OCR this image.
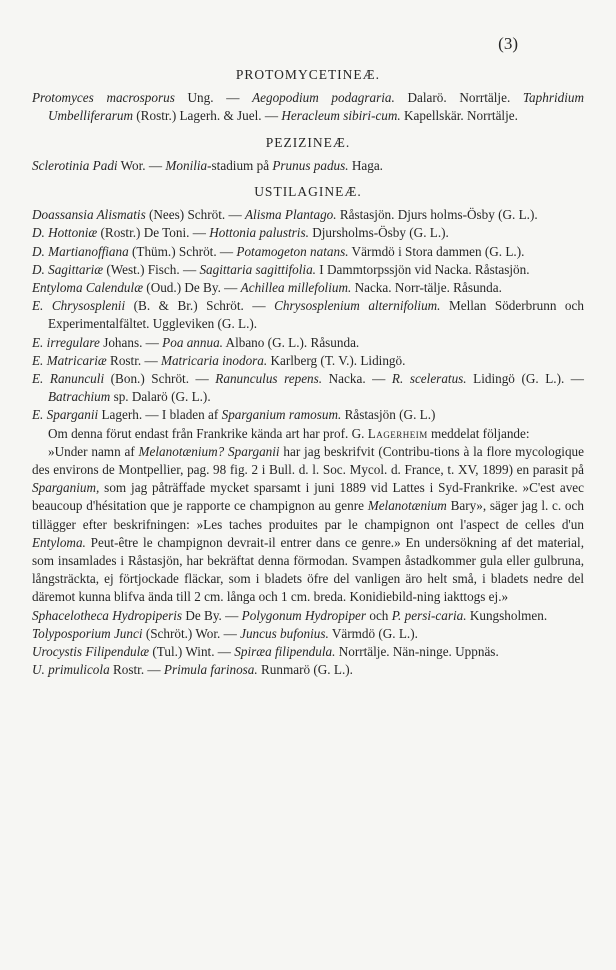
(3)
PROTOMYCETINEÆ.

Protomyces macrosporus Ung. — Aegopodium podagraria. Dalarö. Norrtälje. Taphridium Umbelliferarum (Rostr.) Lagerh. & Juel. — Heracleum sibiri-cum. Kapellskär. Norrtälje.

PEZIZINEÆ.

Sclerotinia Padi Wor. — Monilia-stadium på Prunus padus. Haga.

USTILAGINEÆ.

Doassansia Alismatis (Nees) Schröt. — Alisma Plantago. Råstasjön. Djurs holms-Ösby (G. L.).

D. Hottoniæ (Rostr.) De Toni. — Hottonia palustris. Djursholms-Ösby (G. L.).

D. Martianoffiana (Thüm.) Schröt. — Potamogeton natans. Värmdö i Stora dammen (G. L.).

D. Sagittariæ (West.) Fisch. — Sagittaria sagittifolia. I Dammtorpssjön vid Nacka. Råstasjön.

Entyloma Calendulæ (Oud.) De By. — Achillea millefolium. Nacka. Norr-tälje. Råsunda.

E. Chrysosplenii (B. & Br.) Schröt. — Chrysosplenium alternifolium. Mellan Söderbrunn och Experimentalfältet. Uggleviken (G. L.).

E. irregulare Johans. — Poa annua. Albano (G. L.). Råsunda.

E. Matricariæ Rostr. — Matricaria inodora. Karlberg (T. V.). Lidingö.

E. Ranunculi (Bon.) Schröt. — Ranunculus repens. Nacka. — R. sceleratus. Lidingö (G. L.). — Batrachium sp. Dalarö (G. L.).

E. Sparganii Lagerh. — I bladen af Sparganium ramosum. Råstasjön (G. L.)

Om denna förut endast från Frankrike kända art har prof. G. Lagerheim meddelat följande:

»Under namn af Melanotænium? Sparganii har jag beskrifvit (Contribu-tions à la flore mycologique des environs de Montpellier, pag. 98 fig. 2 i Bull. d. l. Soc. Mycol. d. France, t. XV, 1899) en parasit på Sparganium, som jag påträffade mycket sparsamt i juni 1889 vid Lattes i Syd-Frankrike. »C'est avec beaucoup d'hésitation que je rapporte ce champignon au genre Melanotænium Bary», säger jag l. c. och tillägger efter beskrifningen: »Les taches produites par le champignon ont l'aspect de celles d'un Entyloma. Peut-être le champignon devrait-il entrer dans ce genre.» En undersökning af det material, som insamlades i Råstasjön, har bekräftat denna förmodan. Svampen åstadkommer gula eller gulbruna, långsträckta, ej förtjockade fläckar, som i bladets öfre del vanligen äro helt små, i bladets nedre del däremot kunna blifva ända till 2 cm. långa och 1 cm. breda. Konidiebild-ning iakttogs ej.»

Sphacelotheca Hydropiperis De By. — Polygonum Hydropiper och P. persi-caria. Kungsholmen.

Tolyposporium Junci (Schröt.) Wor. — Juncus bufonius. Värmdö (G. L.).

Urocystis Filipendulæ (Tul.) Wint. — Spiræa filipendula. Norrtälje. Nän-ninge. Uppnäs.

U. primulicola Rostr. — Primula farinosa. Runmarö (G. L.).
